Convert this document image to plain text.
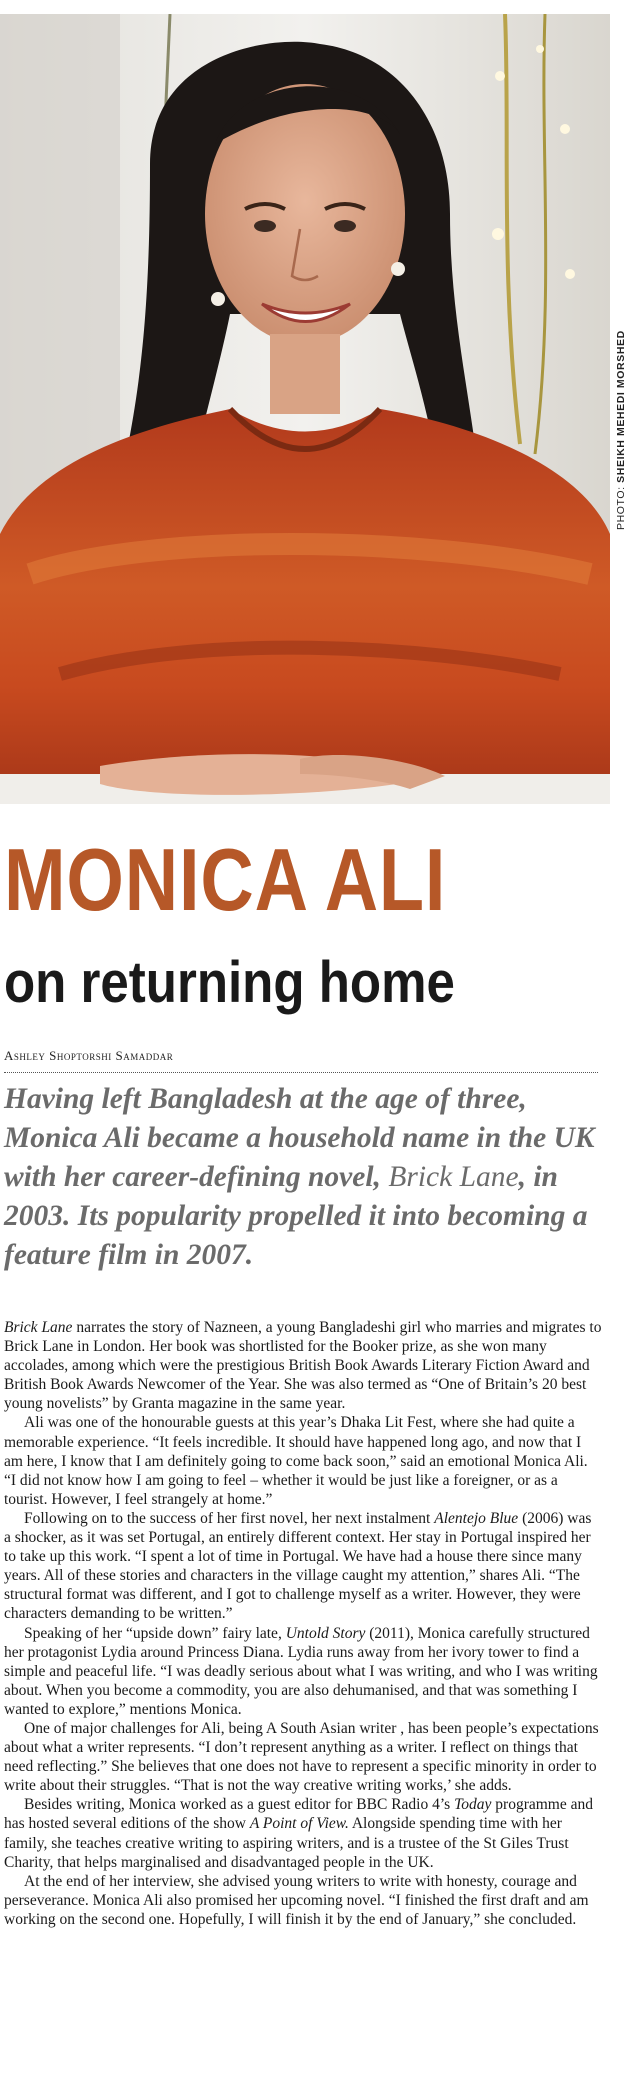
PHOTO: SHEIKH MEHEDI MORSHED
MONICA ALI
on returning home
Ashley Shoptorshi Samaddar

Having left Bangladesh at the age of three, Monica Ali became a household name in the UK with her career-defining novel, Brick Lane, in 2003. Its popularity propelled it into becoming a feature film in 2007.

Brick Lane narrates the story of Nazneen, a young Bangladeshi girl who marries and migrates to Brick Lane in London. Her book was shortlisted for the Booker prize, as she won many accolades, among which were the prestigious British Book Awards Literary Fiction Award and British Book Awards Newcomer of the Year. She was also termed as “One of Britain’s 20 best young novelists” by Granta magazine in the same year.

Ali was one of the honourable guests at this year’s Dhaka Lit Fest, where she had quite a memorable experience. “It feels incredible. It should have happened long ago, and now that I am here, I know that I am definitely going to come back soon,” said an emotional Monica Ali. “I did not know how I am going to feel – whether it would be just like a foreigner, or as a tourist. However, I feel strangely at home.”

Following on to the success of her first novel, her next instalment Alentejo Blue (2006) was a shocker, as it was set Portugal, an entirely different context. Her stay in Portugal inspired her to take up this work. “I spent a lot of time in Portugal. We have had a house there since many years. All of these stories and characters in the village caught my attention,” shares Ali. “The structural format was different, and I got to challenge myself as a writer. However, they were characters demanding to be written.”

Speaking of her “upside down” fairy late, Untold Story (2011), Monica carefully structured her protagonist Lydia around Princess Diana. Lydia runs away from her ivory tower to find a simple and peaceful life. “I was deadly serious about what I was writing, and who I was writing about. When you become a commodity, you are also dehumanised, and that was something I wanted to explore,” mentions Monica.

One of major challenges for Ali, being A South Asian writer , has been people’s expectations about what a writer represents. “I don’t represent anything as a writer. I reflect on things that need reflecting.” She believes that one does not have to represent a specific minority in order to write about their struggles. “That is not the way creative writing works,’ she adds.

Besides writing, Monica worked as a guest editor for BBC Radio 4’s Today programme and has hosted several editions of the show A Point of View. Alongside spending time with her family, she teaches creative writing to aspiring writers, and is a trustee of the St Giles Trust Charity, that helps marginalised and disadvantaged people in the UK.

At the end of her interview, she advised young writers to write with honesty, courage and perseverance. Monica Ali also promised her upcoming novel. “I finished the first draft and am working on the second one. Hopefully, I will finish it by the end of January,” she concluded.
